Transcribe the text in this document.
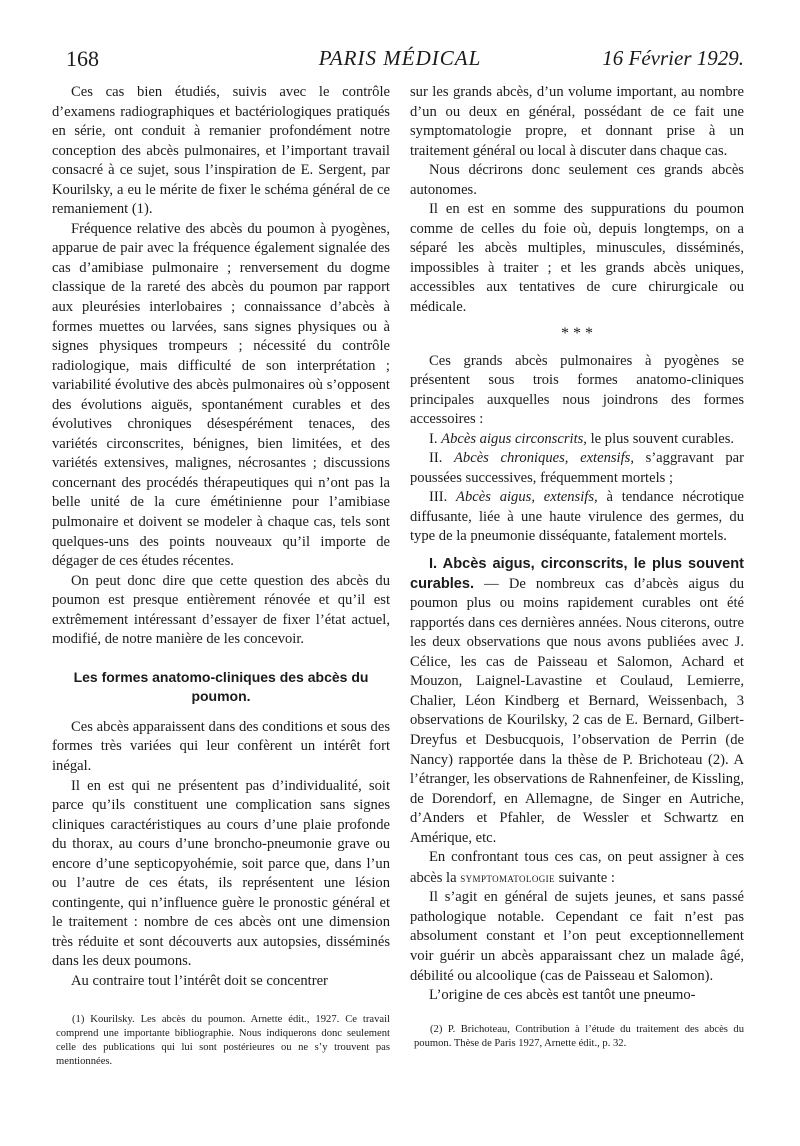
168	PARIS MÉDICAL	16 Février 1929.

Ces cas bien étudiés, suivis avec le contrôle d’examens radiographiques et bactériologiques pratiqués en série, ont conduit à remanier profondément notre conception des abcès pulmonaires, et l’important travail consacré à ce sujet, sous l’inspiration de E. Sergent, par Kourilsky, a eu le mérite de fixer le schéma général de ce remaniement (1).

Fréquence relative des abcès du poumon à pyogènes, apparue de pair avec la fréquence également signalée des cas d’amibiase pulmonaire ; renversement du dogme classique de la rareté des abcès du poumon par rapport aux pleurésies interlobaires ; connaissance d’abcès à formes muettes ou larvées, sans signes physiques ou à signes physiques trompeurs ; nécessité du contrôle radiologique, mais difficulté de son interprétation ; variabilité évolutive des abcès pulmonaires où s’opposent des évolutions aiguës, spontanément curables et des évolutives chroniques désespérément tenaces, des variétés circonscrites, bénignes, bien limitées, et des variétés extensives, malignes, nécrosantes ; discussions concernant des procédés thérapeutiques qui n’ont pas la belle unité de la cure émétinienne pour l’amibiase pulmonaire et doivent se modeler à chaque cas, tels sont quelques-uns des points nouveaux qu’il importe de dégager de ces études récentes.

On peut donc dire que cette question des abcès du poumon est presque entièrement rénovée et qu’il est extrêmement intéressant d’essayer de fixer l’état actuel, modifié, de notre manière de les concevoir.

Les formes anatomo-cliniques des abcès du poumon.

Ces abcès apparaissent dans des conditions et sous des formes très variées qui leur confèrent un intérêt fort inégal.

Il en est qui ne présentent pas d’individualité, soit parce qu’ils constituent une complication sans signes cliniques caractéristiques au cours d’une plaie profonde du thorax, au cours d’une broncho-pneumonie grave ou encore d’une septicopyohémie, soit parce que, dans l’un ou l’autre de ces états, ils représentent une lésion contingente, qui n’influence guère le pronostic général et le traitement : nombre de ces abcès ont une dimension très réduite et sont découverts aux autopsies, disséminés dans les deux poumons.

Au contraire tout l’intérêt doit se concentrer

sur les grands abcès, d’un volume important, au nombre d’un ou deux en général, possédant de ce fait une symptomatologie propre, et donnant prise à un traitement général ou local à discuter dans chaque cas.

Nous décrirons donc seulement ces grands abcès autonomes.

Il en est en somme des suppurations du poumon comme de celles du foie où, depuis longtemps, on a séparé les abcès multiples, minuscules, disséminés, impossibles à traiter ; et les grands abcès uniques, accessibles aux tentatives de cure chirurgicale ou médicale.

* * *

Ces grands abcès pulmonaires à pyogènes se présentent sous trois formes anatomo-cliniques principales auxquelles nous joindrons des formes accessoires :

I. Abcès aigus circonscrits, le plus souvent curables.

II. Abcès chroniques, extensifs, s’aggravant par poussées successives, fréquemment mortels ;

III. Abcès aigus, extensifs, à tendance nécrotique diffusante, liée à une haute virulence des germes, du type de la pneumonie disséquante, fatalement mortels.

I. Abcès aigus, circonscrits, le plus souvent curables. — De nombreux cas d’abcès aigus du poumon plus ou moins rapidement curables ont été rapportés dans ces dernières années. Nous citerons, outre les deux observations que nous avons publiées avec J. Célice, les cas de Paisseau et Salomon, Achard et Mouzon, Laignel-Lavastine et Coulaud, Lemierre, Chalier, Léon Kindberg et Bernard, Weissenbach, 3 observations de Kourilsky, 2 cas de E. Bernard, Gilbert-Dreyfus et Desbucquois, l’observation de Perrin (de Nancy) rapportée dans la thèse de P. Brichoteau (2). A l’étranger, les observations de Rahnenfeiner, de Kissling, de Dorendorf, en Allemagne, de Singer en Autriche, d’Anders et Pfahler, de Wessler et Schwartz en Amérique, etc.

En confrontant tous ces cas, on peut assigner à ces abcès la symptomatologie suivante :

Il s’agit en général de sujets jeunes, et sans passé pathologique notable. Cependant ce fait n’est pas absolument constant et l’on peut exceptionnellement voir guérir un abcès apparaissant chez un malade âgé, débilité ou alcoolique (cas de Paisseau et Salomon).

L’origine de ces abcès est tantôt une pneumo-

(1) Kourilsky. Les abcès du poumon. Arnette édit., 1927. Ce travail comprend une importante bibliographie. Nous indiquerons donc seulement celle des publications qui lui sont postérieures ou ne s’y trouvent pas mentionnées.

(2) P. Brichoteau, Contribution à l’étude du traitement des abcès du poumon. Thèse de Paris 1927, Arnette édit., p. 32.
